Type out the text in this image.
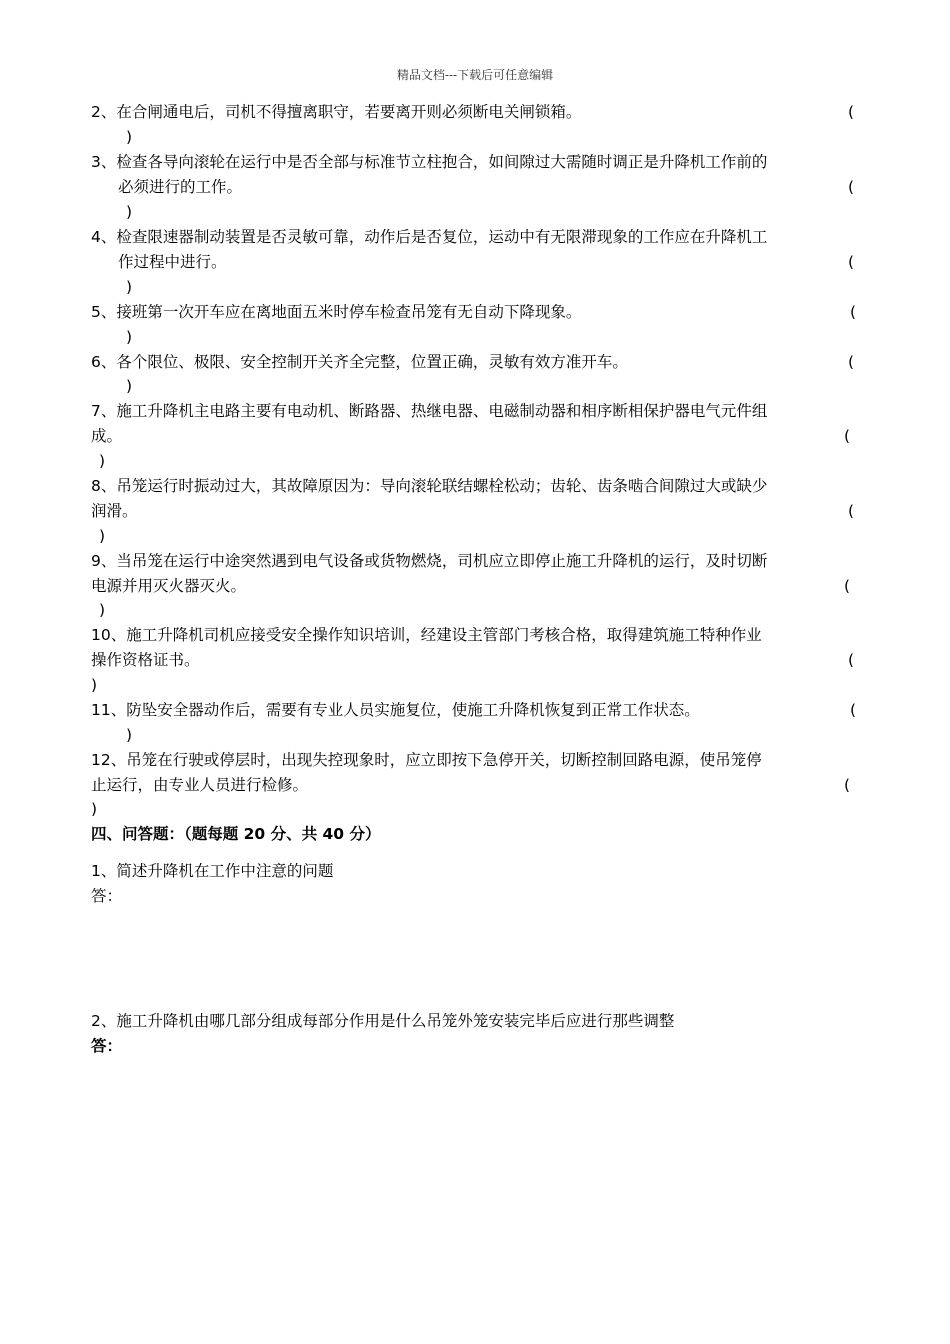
精品文档---下载后可任意编辑
2、在合闸通电后，司机不得擅离职守，若要离开则必须断电关闸锁箱。	(
)
3、检查各导向滚轮在运行中是否全部与标准节立柱抱合，如间隙过大需随时调正是升降机工作前的
必须进行的工作。	(
)
4、检查限速器制动装置是否灵敏可靠，动作后是否复位，运动中有无限滞现象的工作应在升降机工
作过程中进行。	(
)
5、接班第一次开车应在离地面五米时停车检查吊笼有无自动下降现象。	(
)
6、各个限位、极限、安全控制开关齐全完整，位置正确，灵敏有效方准开车。	(
)
7、施工升降机主电路主要有电动机、断路器、热继电器、电磁制动器和相序断相保护器电气元件组
成。	(
)
8、吊笼运行时振动过大，其故障原因为：导向滚轮联结螺栓松动；齿轮、齿条啮合间隙过大或缺少
润滑。	(
)
9、当吊笼在运行中途突然遇到电气设备或货物燃烧，司机应立即停止施工升降机的运行，及时切断
电源并用灭火器灭火。	(
)
10、施工升降机司机应接受安全操作知识培训，经建设主管部门考核合格，取得建筑施工特种作业
操作资格证书。	(
)
11、防坠安全器动作后，需要有专业人员实施复位，使施工升降机恢复到正常工作状态。	(
)
12、吊笼在行驶或停层时，出现失控现象时，应立即按下急停开关，切断控制回路电源，使吊笼停
止运行，由专业人员进行检修。	(
)
四、问答题：（题每题 20 分、共 40 分）
1、简述升降机在工作中注意的问题
答：
2、施工升降机由哪几部分组成每部分作用是什么吊笼外笼安装完毕后应进行那些调整
答：
